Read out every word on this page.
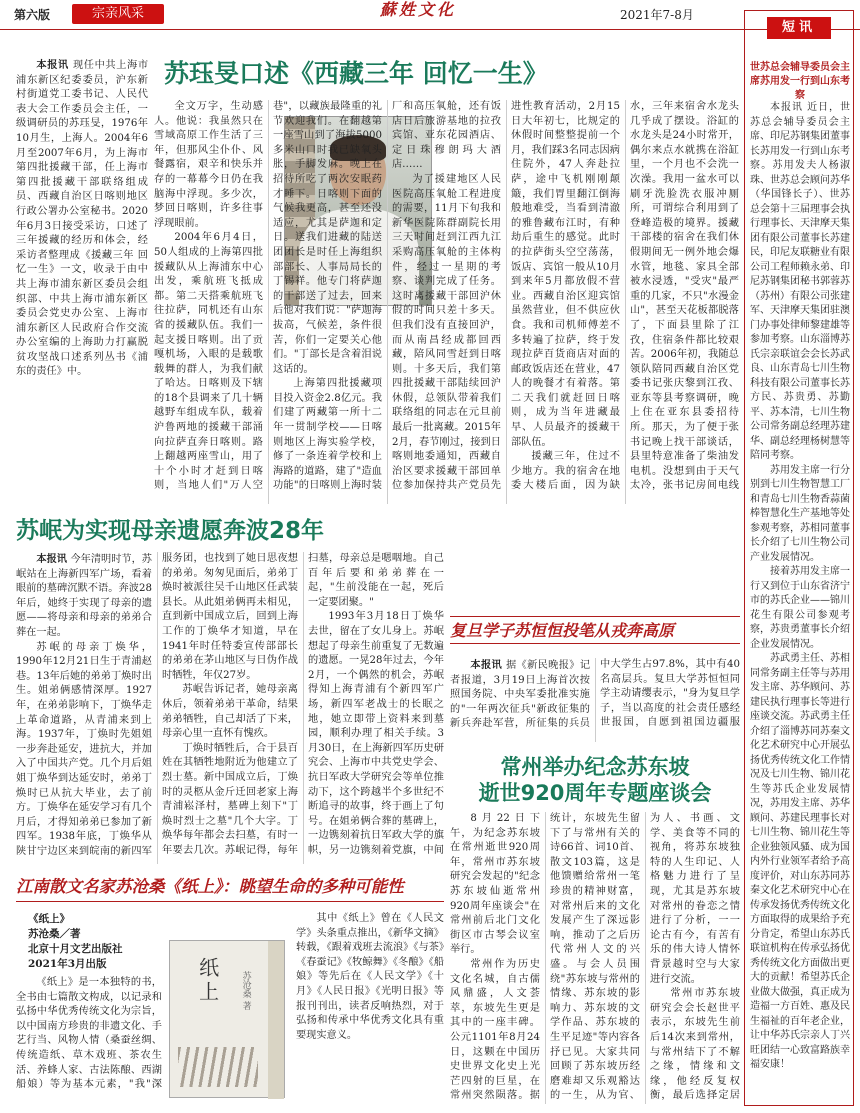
第六版	宗亲风采	蘇姓文化	2021年7-8月
苏珏旻口述《西藏三年 回忆一生》

本报讯 现任中共上海市浦东新区纪委委员，沪东新村街道党工委书记、人民代表大会工作委员会主任，一级调研员的苏珏旻，1976年10月生，上海人。2004年6月至2007年6月，为上海市第四批援藏干部，任上海市第四批援藏干部联络组成员、西藏自治区日喀则地区行政公署办公室秘书。2020年6月3日接受采访，口述了三年援藏的经历和体会，经采访者整理成《援藏三年 回忆一生》一文，收录于由中共上海市浦东新区委员会组织部、中共上海市浦东新区委员会党史办公室、上海市浦东新区人民政府合作交流办公室编的上海助力打赢脱贫攻坚战口述系列丛书《浦东的责任》中。

全文万字，生动感人。他说：我虽然只在雪域高原工作生活了三年，但那风尘仆仆、风餐露宿，艰辛和快乐并存的一幕幕今日仍在我脑海中浮现。多少次，梦回日喀则，许多往事浮现眼前。

2004年6月4日，50人组成的上海第四批援藏队从上海浦东中心出发，乘航班飞抵成都。第二天搭乘航班飞往拉萨，同机还有山东省的援藏队伍。我们一起支援日喀则。出了贡嘎机场，入眼的是载歌载舞的群人，为我们献了哈达。日喀则及下辖的18个县调来了几十辆越野车组成车队，载着沪鲁两地的援藏干部涌向拉萨直奔日喀则。路上翻越两座雪山，用了十个小时才赶到日喀则，当地人们"万人空巷"，以藏族最隆重的礼节欢迎我们。在翻越第一座雪山到了海拔5000多米山口时我已缺氧头胀，手脚发麻。晚上在招待所吃了两次安眠药才睡下。日喀则下面的气候我更高，甚至还没适应，尤其是萨迦和定日。送我们进藏的陆送团团长是时任上海组织部部长、人事局局长的丁锡祥。他专门将萨迦的干部送了过去，回来后他对我们说："萨迦海拔高，气候差，条件很苦，你们一定要关心他们。"丁部长是含着泪说这话的。

上海第四批援藏项目投入资金2.8亿元。我们建了两藏第一所十二年一贯制学校——日喀则地区上海实验学校，修了一条连着学校和上海路的道路，建了"造血功能"的日喀则上海时装厂和高压氧舱，还有饭店日后旅游基地的拉孜宾馆、亚东花园酒店、定日珠穆朗玛大酒店……

为了援建地区人民医院高压氧舱工程进度的需要，11月下旬我和新华医院陈群副院长用三天时间赶到江西九江采购高压氧舱的主体构件，经过一星期的考察、谈判完成了任务。这时离援藏干部回沪休假的时间只差十多天。但我们没有直接回沪，而从南昌经成都回西藏，陪风同雪赶到日喀则。十多天后，我们第四批援藏干部陆续回沪休假，总领队带着我们联络组的同志在元旦前最后一批离藏。2015年2月，春节刚过，接到日喀则地委通知，西藏自治区要求援藏干部回单位参加保持共产党员先进性教育活动，2月15日大年初七，比规定的休假时间整整提前一个月，我们踩3名同志因病住院外，47人奔赴拉萨，途中飞机刚刚颠簸，我们胃里翻江倒海般地难受，当看到清澈的雅鲁藏布江时，有种劫后重生的感觉。此时的拉萨街头空空荡荡，饭店、宾馆一般从10月到来年5月都放假不营业。西藏自治区迎宾馆虽然营业，但不供应伙食。我和司机师傅差不多转遍了拉萨，终于发现拉萨百货商店对面的邮政饭店还在营业，47人的晚餐才有着落。第二天我们就赶回日喀则，成为当年进藏最早、人员最齐的援藏干部队伍。

援藏三年，住过不少地方。我的宿舍在地委大楼后面，因为缺水，三年来宿舍水龙头几乎成了摆设。浴缸的水龙头是24小时常开，偶尔来点水就携在浴缸里，一个月也不会洗一次澡。我用一盆水可以刷牙洗脸洗衣服冲厕所，可谓综合利用到了登峰造极的境界。援藏干部楼的宿舍在我们休假期间无一例外地会爆水管，地毯、家具全部被水浸透，"受灾"最严重的几家，不只"水漫金山"，甚至天花板都脱落了，下面县里除了江孜，住宿条件都比较艰苦。2006年初，我随总领队陪同西藏自治区党委书记张庆黎到江孜、亚东等县考察调研，晚上住在亚东县委招待所。那天，为了便于张书记晚上找干部谈话，县里特意准备了柴油发电机。没想到由于天气太冷，张书记房间电线

苏岷为实现母亲遗愿奔波28年

本报讯 今年清明时节，苏岷站在上海新四军广场，看着眼前的墓碑沉默不语。奔波28年后，她终于实现了母亲的遗愿——将母亲和母亲的弟弟合葬在一起。

苏岷的母亲丁焕华，1990年12月21日生于青浦赵巷。13年后她的弟弟丁焕时出生。姐弟俩感情深厚。1927年，在弟弟影响下，丁焕华走上革命道路，从青浦来到上海。1937年，丁焕时先姐姐一步奔赴延安，进抗大，并加入了中国共产党。几个月后姐姐丁焕华到达延安时，弟弟丁焕时已从抗大毕业，去了前方。丁焕华在延安学习有几个月后，才得知弟弟已参加了新四军。1938年底，丁焕华从陕甘宁边区来到皖南的新四军服务团，也找到了她日思夜想的弟弟。匆匆见面后，弟弟丁焕时被派往吴千山地区任武装县长。从此姐弟俩再未相见，直到新中国成立后，回到上海工作的丁焕华才知道，早在1941年时任特委宣传部部长的弟弟在茅山地区与日伪作战时牺牲，年仅27岁。

苏岷告诉记者，她母亲离休后，领着弟弟干革命，结果弟弟牺牲，自己却活了下来，母亲心里一直怀有愧疚。

丁焕时牺牲后，合于县百姓在其牺牲地附近为他建立了烈士墓。新中国成立后，丁焕时的灵柩从金斤迁回老家上海青浦崧泽村，墓碑上刻下"丁焕时烈士之墓"几个大字。丁焕华每年都会去扫墓，有时一年要去几次。苏岷记得，每年扫墓，母亲总是嗯咽地。自己百年后要和弟弟葬在一起，"生前没能在一起，死后一定要团聚。"

1993年3月18日丁焕华去世，留在了女儿身上。苏岷想起了母亲生前重复了无数遍的遗愿。一晃28年过去，今年2月，一个偶然的机会，苏岷得知上海青浦有个新四军广场，新四军老战士的长眠之地，她立即带上资料来到墓园，顺利办理了相关手续。3月30日，在上海新四军历史研究会、上海市中共党史学会、抗日军政大学研究会等单位推动下，这个跨越半个多世纪不断追寻的故事，终于画上了句号。在姐弟俩合葬的墓碑上，一边镌刻着抗日军政大学的旗帜，另一边镌刻着党旗，中间

复旦学子苏恒恒投笔从戎奔高原

本报讯 据《新民晚报》记者报道，3月19日上海首次按照国务院、中央军委批准实施的"一年两次征兵"新政征集的新兵奔赴军营，所征集的兵员中大学生占97.8%，其中有40名高层兵。复旦大学苏恒恒同学主动请缨表示，"身为复旦学子，当以高度的社会责任感经世报国，自愿到祖国边疆服

常州举办纪念苏东坡
逝世920周年专题座谈会

8月22日下午，为纪念苏东坡在常州逝世920周年，常州市苏东坡研究会发起的"纪念苏东坡仙逝常州920周年座谈会"在常州前后北门文化街区市古琴会议室举行。

常州作为历史文化名城，自古儒风鼎盛，人文荟萃，东坡先生更是其中的一座丰碑。公元1101年8月24日，这颗在中国历史世界文化史上光芒四射的巨星，在常州突然陨落。据统计，东坡先生留下了与常州有关的诗66首、词10首、散文103篇，这是他馈赠给常州一笔珍贵的精神财富，对常州后来的文化发展产生了深远影响，推动了之后历代常州人文的兴盛。与会人员围绕"苏东坡与常州的情缘、苏东坡的影响力、苏东坡的文学作品、苏东坡的生平足迹"等内容各抒已见。大家共同回顾了苏东坡历经磨难却又乐观豁达的一生，从为官、为人、书画、文学、美食等不同的视角，将苏东坡独特的人生印记、人格魅力进行了呈现，尤其是苏东坡对常州的眷恋之情进行了分析，一一论古有今，有苦有乐的伟大诗人情怀背景越时空与大家进行交流。

常州市苏东坡研究会会长赵世平表示，东坡先生前后14次来到常州，与常州结下了不解之缘，情缘和文缘，他经反复权衡，最后选择定居

江南散文名家苏沧桑《纸上》：眺望生命的多种可能性
《纸上》
苏沧桑／著
北京十月文艺出版社
2021年3月出版

《纸上》是一本独特的书，全书由七篇散文构成，以记录和弘扬中华优秀传统文化为宗旨，以中国南方珍贵的非遗文化、手艺行当、风物人情（桑蚕丝绸、传统造纸、草木戏班、茶农生活、养蜂人家、古法陈酿、西湖船娘）等为基本元素，"我"深

纸上 苏沧桑 著

其中《纸上》曾在《人民文学》头条重点推出，《新华文摘》转载，《跟着戏班去流浪》《与茶》《春蚕记》《牧鲸舞》《冬酿》《船娘》等先后在《人民文学》《十月》《人民日报》《光明日报》等报刊刊出，读者反响热烈，对于弘扬和传承中华优秀文化具有重要现实意义。

短讯
世苏总会辅导委员会主席苏用发一行到山东考察

本报讯 近日，世苏总会辅导委员会主席、印尼苏钢集团董事长苏用发一行到山东考察。苏用发夫人杨淑珠、世苏总会顾问苏华（华国锋长子）、世苏总会第十三届理事会执行理事长、天津摩天集团有限公司董事长苏建民，印尼友联糖业有限公司工程师赖永弟、印尼苏钢集团秘书郭蓉苏（苏州）有限公司张建军、天津摩天集团驻澳门办事处律师黎建雄等参加考察。山东淄博苏氏宗亲联谊会会长苏武良、山东青岛七川生物科技有限公司董事长苏方民、苏贵勇、苏勤平、苏本清，七川生物公司常务副总经理苏建华、副总经理杨树慧等陪同考察。

苏用发主席一行分别到七川生物智慧工厂和青岛七川生物香蒜菌棒智慧化生产基地等处参观考察，苏相同董事长介绍了七川生物公司产业发展情况。

接着苏用发主席一行又到位于山东省济宁市的苏氏企业——锦川花生有限公司参观考察，苏贵勇董事长介绍企业发展情况。

苏武勇主任、苏相同常务副主任等与苏用发主席、苏华顾问、苏建民执行理事长等进行座谈交流。苏武勇主任介绍了淄博苏同苏秦文化艺术研究中心开展弘扬优秀传统文化工作情况及七川生物、锦川花生等苏氏企业发展情况，苏用发主席、苏华顾问、苏建民理事长对七川生物、锦川花生等企业独领风骚、成为国内外行业领军者给予高度评价，对山东苏同苏秦文化艺术研究中心在传承发扬优秀传统文化方面取得的成果给予充分肯定，希望山东苏氏联谊机构在传承弘扬优秀传统文化方面做出更大的贡献！希望苏氏企业做大做强，真正成为造福一方百姓、惠及民生福祉的百年老企业，让中华苏氏宗亲人丁兴旺团结一心致富路族幸福安康！
